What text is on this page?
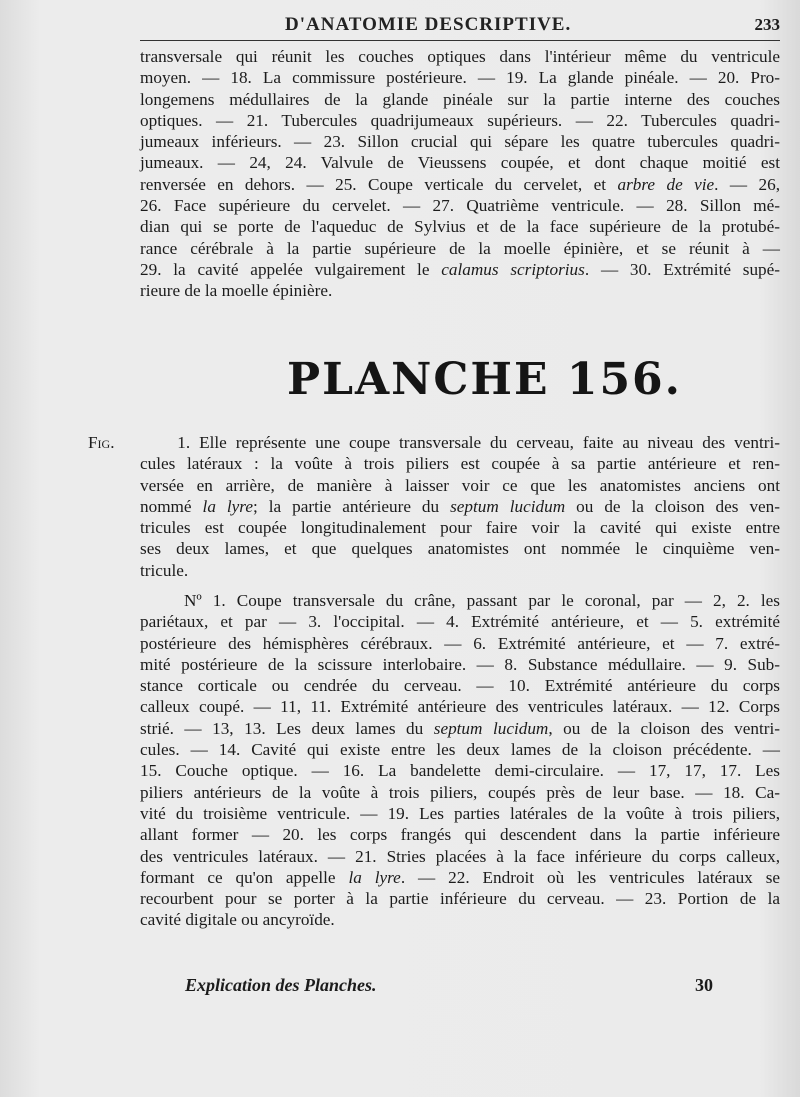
D'ANATOMIE DESCRIPTIVE.	233
transversale qui réunit les couches optiques dans l'intérieur même du ventricule
moyen. — 18. La commissure postérieure. — 19. La glande pinéale. — 20. Pro-
longemens médullaires de la glande pinéale sur la partie interne des couches
optiques. — 21. Tubercules quadrijumeaux supérieurs. — 22. Tubercules quadri-
jumeaux inférieurs. — 23. Sillon crucial qui sépare les quatre tubercules quadri-
jumeaux. — 24, 24. Valvule de Vieussens coupée, et dont chaque moitié est
renversée en dehors. — 25. Coupe verticale du cervelet, et arbre de vie. — 26,
26. Face supérieure du cervelet. — 27. Quatrième ventricule. — 28. Sillon mé-
dian qui se porte de l'aqueduc de Sylvius et de la face supérieure de la protubé-
rance cérébrale à la partie supérieure de la moelle épinière, et se réunit à —
29. la cavité appelée vulgairement le calamus scriptorius. — 30. Extrémité supé-
rieure de la moelle épinière.
PLANCHE 156.
Fig.	1. Elle représente une coupe transversale du cerveau, faite au niveau des ventri-
cules latéraux : la voûte à trois piliers est coupée à sa partie antérieure et ren-
versée en arrière, de manière à laisser voir ce que les anatomistes anciens ont
nommé la lyre; la partie antérieure du septum lucidum ou de la cloison des ven-
tricules est coupée longitudinalement pour faire voir la cavité qui existe entre
ses deux lames, et que quelques anatomistes ont nommée le cinquième ven-
tricule.
Nº 1. Coupe transversale du crâne, passant par le coronal, par — 2, 2. les
pariétaux, et par — 3. l'occipital. — 4. Extrémité antérieure, et — 5. extrémité
postérieure des hémisphères cérébraux. — 6. Extrémité antérieure, et — 7. extré-
mité postérieure de la scissure interlobaire. — 8. Substance médullaire. — 9. Sub-
stance corticale ou cendrée du cerveau. — 10. Extrémité antérieure du corps
calleux coupé. — 11, 11. Extrémité antérieure des ventricules latéraux. — 12. Corps
strié. — 13, 13. Les deux lames du septum lucidum, ou de la cloison des ventri-
cules. — 14. Cavité qui existe entre les deux lames de la cloison précédente. —
15. Couche optique. — 16. La bandelette demi-circulaire. — 17, 17, 17. Les
piliers antérieurs de la voûte à trois piliers, coupés près de leur base. — 18. Ca-
vité du troisième ventricule. — 19. Les parties latérales de la voûte à trois piliers,
allant former — 20. les corps frangés qui descendent dans la partie inférieure
des ventricules latéraux. — 21. Stries placées à la face inférieure du corps calleux,
formant ce qu'on appelle la lyre. — 22. Endroit où les ventricules latéraux se
recourbent pour se porter à la partie inférieure du cerveau. — 23. Portion de la
cavité digitale ou ancyroïde.
Explication des Planches.	30
